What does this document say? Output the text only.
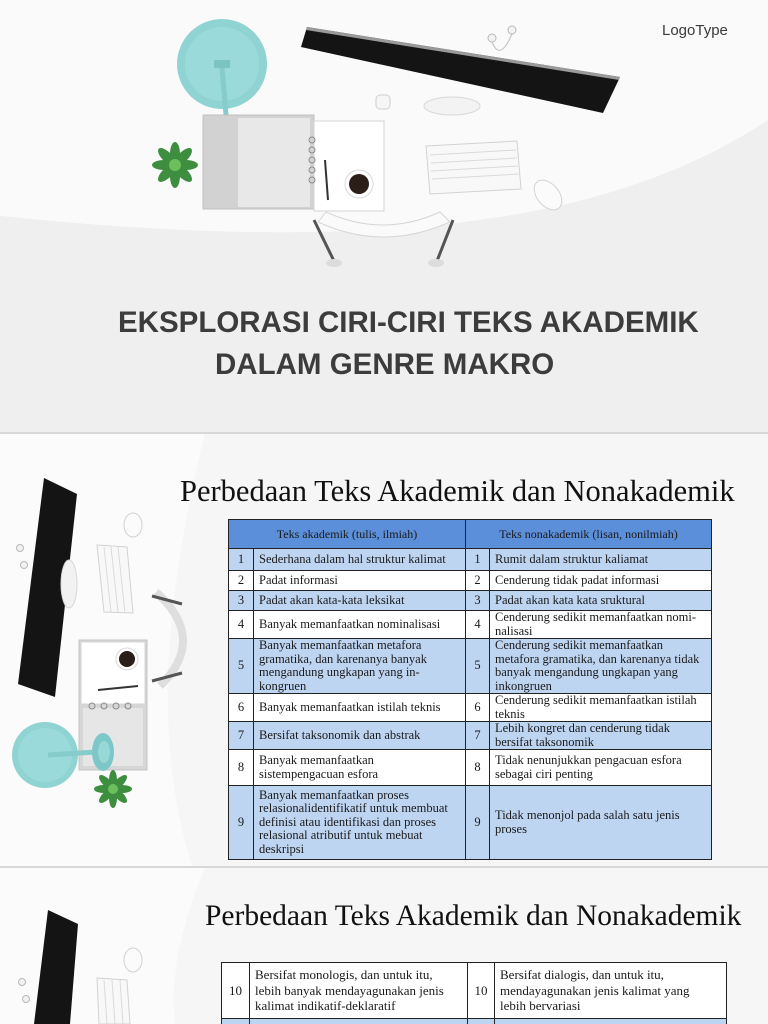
LogoType
EKSPLORASI CIRI-CIRI TEKS AKADEMIK
DALAM GENRE MAKRO
Perbedaan Teks Akademik dan Nonakademik
Teks akademik (tulis, ilmiah)		Teks nonakademik (lisan, nonilmiah)	
1	Sederhana dalam hal struktur kalimat	1	Rumit dalam struktur kaliamat
2	Padat informasi	2	Cenderung tidak padat informasi
3	Padat akan kata-kata leksikat	3	Padat akan kata kata sruktural
4	Banyak memanfaatkan nominalisasi	4	Cenderung sedikit memanfaatkan nomi-nalisasi
5	Banyak memanfaatkan metafora gramatika, dan karenanya banyak mengandung ungkapan yang in-kongruen	5	Cenderung sedikit memanfaatkan metafora gramatika, dan karenanya tidak banyak mengandung ungkapan yang inkongruen
6	Banyak memanfaatkan istilah teknis	6	Cenderung sedikit memanfaatkan istilah teknis
7	Bersifat taksonomik dan abstrak	7	Lebih kongret dan cenderung tidak bersifat taksonomik
8	Banyak memanfaatkan sistempengacuan esfora	8	Tidak nenunjukkan pengacuan esfora sebagai ciri penting
9	Banyak memanfaatkan proses relasionalidentifikatif untuk membuat definisi atau identifikasi dan proses relasional atributif untuk mebuat deskripsi	9	Tidak menonjol pada salah satu jenis proses
Perbedaan Teks Akademik dan Nonakademik
10	Bersifat monologis, dan untuk itu, lebih banyak mendayagunakan jenis kalimat indikatif-deklaratif	10	Bersifat dialogis, dan untuk itu, mendayagunakan jenis kalimat yang lebih bervariasi
